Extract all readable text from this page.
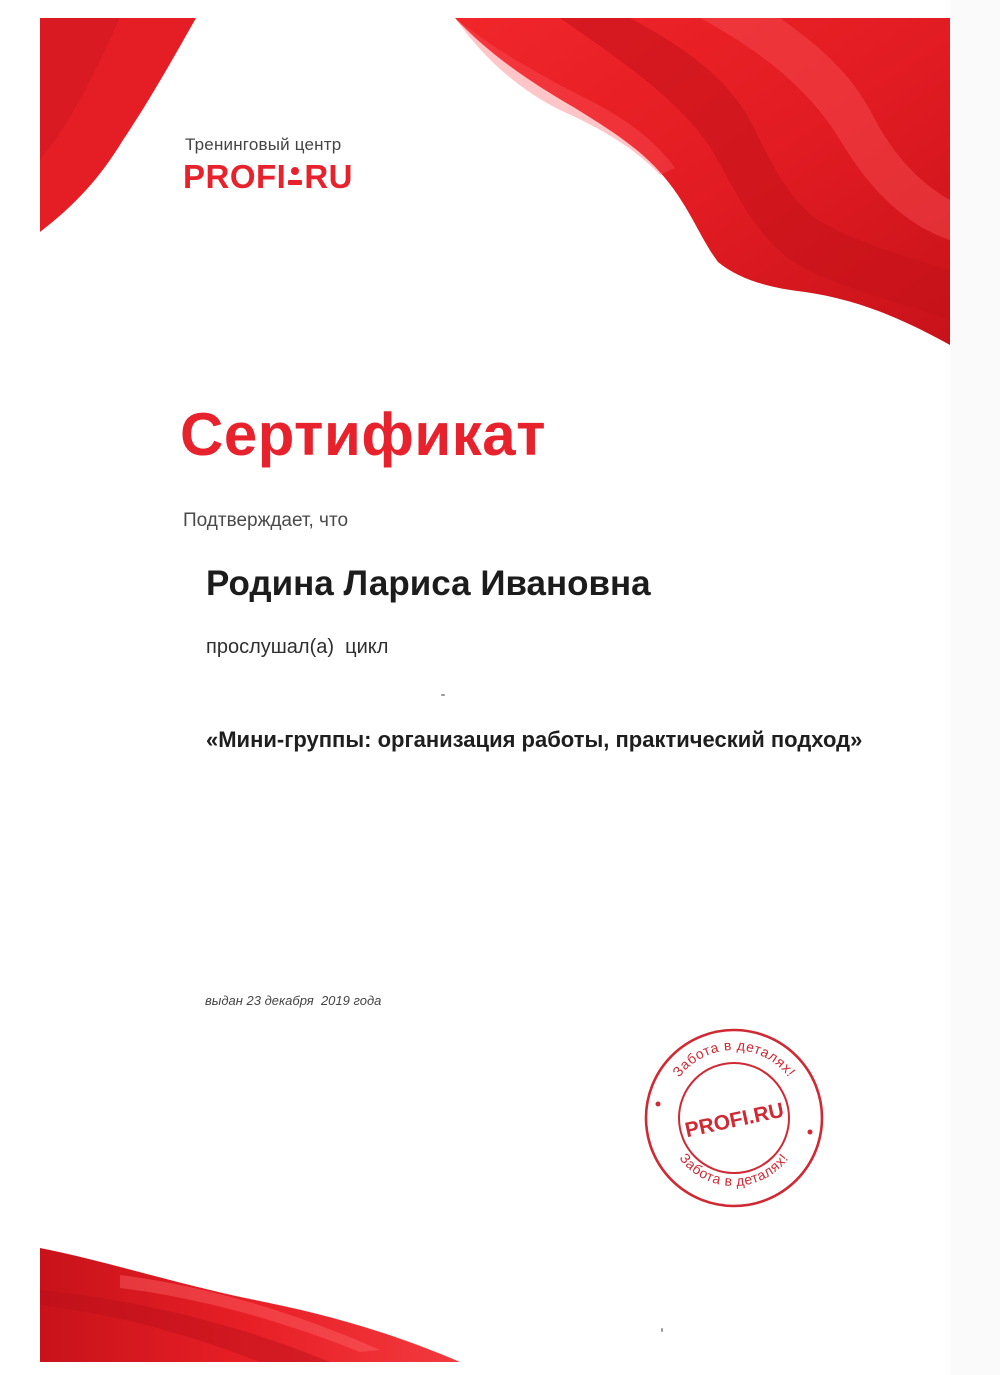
Тренинговый центр
PROFI RU
Сертификат
Подтверждает, что
Родина Лариса Ивановна
прослушал(а)  цикл
«Мини-группы: организация работы, практический подход»
выдан 23 декабря  2019 года
Забота в деталях!
Забота в деталях!
PROFI.RU
